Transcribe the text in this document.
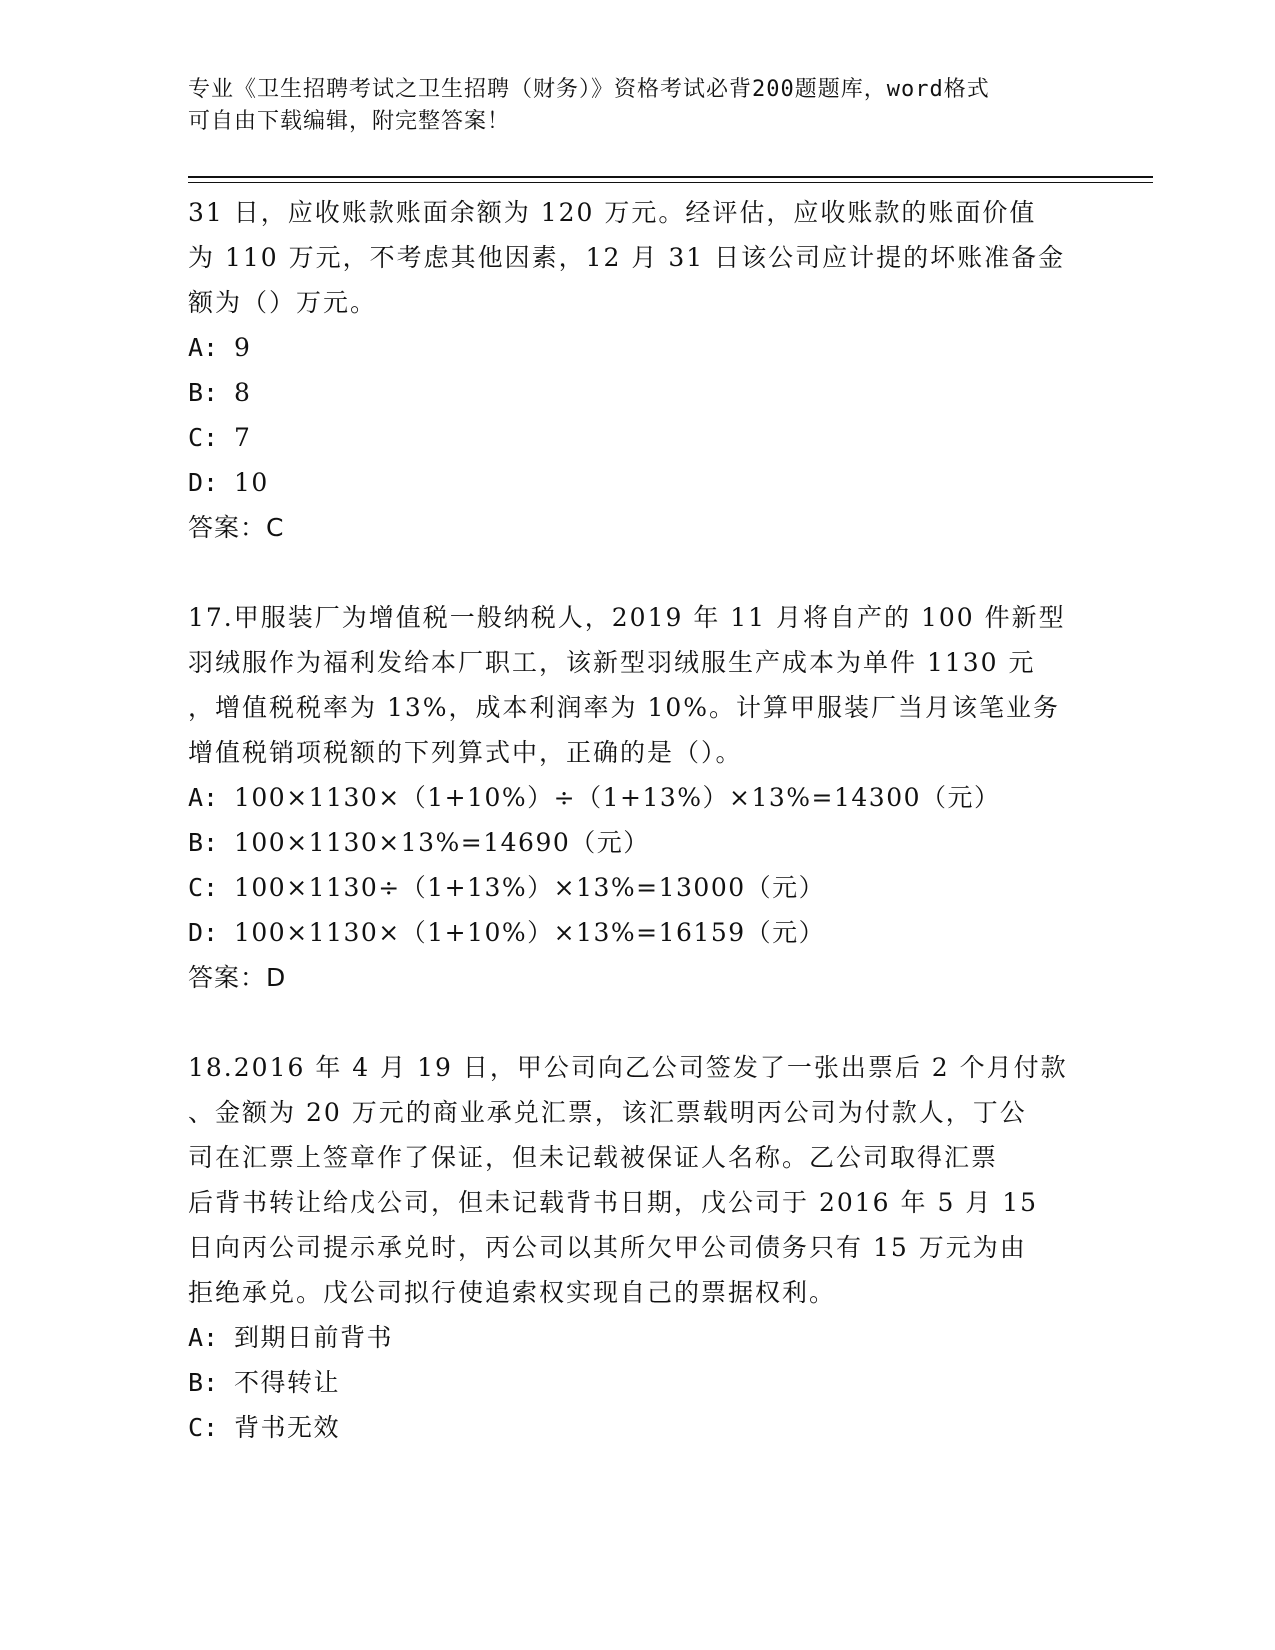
专业《卫生招聘考试之卫生招聘（财务）》资格考试必背200题题库，word格式
可自由下载编辑，附完整答案！

31 日，应收账款账面余额为 120 万元。经评估，应收账款的账面价值

为 110 万元，不考虑其他因素，12 月 31 日该公司应计提的坏账准备金

额为（）万元。

A: 9

B: 8

C: 7

D: 10

答案：C

17.甲服装厂为增值税一般纳税人，2019 年 11 月将自产的 100 件新型

羽绒服作为福利发给本厂职工，该新型羽绒服生产成本为单件 1130 元

，增值税税率为 13%，成本利润率为 10%。计算甲服装厂当月该笔业务

增值税销项税额的下列算式中，正确的是（）。

A: 100×1130×（1+10%）÷（1+13%）×13%=14300（元）

B: 100×1130×13%=14690（元）

C: 100×1130÷（1+13%）×13%=13000（元）

D: 100×1130×（1+10%）×13%=16159（元）

答案：D

18.2016 年 4 月 19 日，甲公司向乙公司签发了一张出票后 2 个月付款

、金额为 20 万元的商业承兑汇票，该汇票载明丙公司为付款人，丁公

司在汇票上签章作了保证，但未记载被保证人名称。乙公司取得汇票

后背书转让给戊公司，但未记载背书日期，戊公司于 2016 年 5 月 15

日向丙公司提示承兑时，丙公司以其所欠甲公司债务只有 15 万元为由

拒绝承兑。戊公司拟行使追索权实现自己的票据权利。

A: 到期日前背书

B: 不得转让

C: 背书无效
